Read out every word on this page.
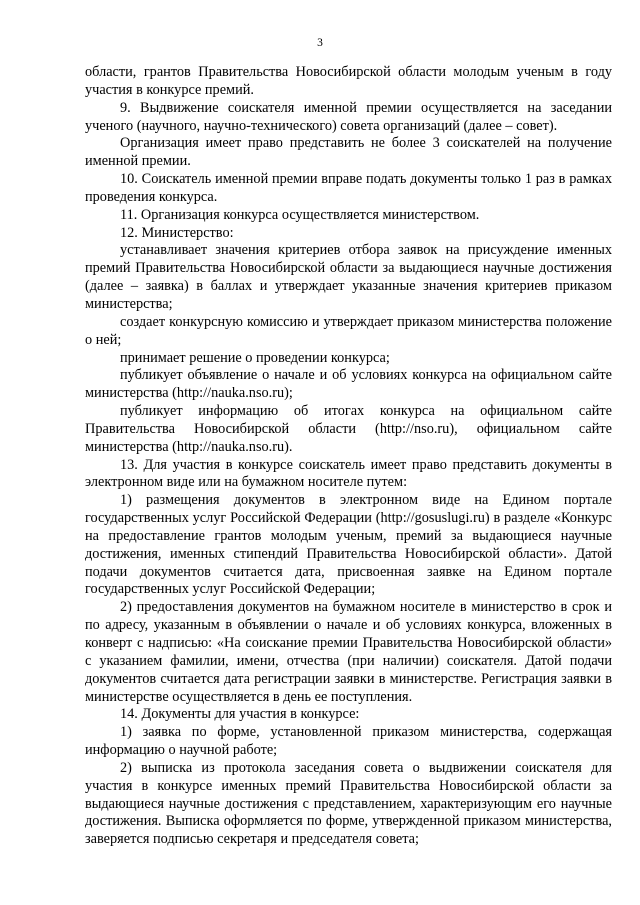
3

области, грантов Правительства Новосибирской области молодым ученым в году участия в конкурсе премий.

9. Выдвижение соискателя именной премии осуществляется на заседании ученого (научного, научно-технического) совета организаций (далее – совет).

Организация имеет право представить не более 3 соискателей на получение именной премии.

10. Соискатель именной премии вправе подать документы только 1 раз в рамках проведения конкурса.

11. Организация конкурса осуществляется министерством.

12. Министерство:

устанавливает значения критериев отбора заявок на присуждение именных премий Правительства Новосибирской области за выдающиеся научные достижения (далее – заявка) в баллах и утверждает указанные значения критериев приказом министерства;

создает конкурсную комиссию и утверждает приказом министерства положение о ней;

принимает решение о проведении конкурса;

публикует объявление о начале и об условиях конкурса на официальном сайте министерства (http://nauka.nso.ru);

публикует информацию об итогах конкурса на официальном сайте Правительства Новосибирской области (http://nso.ru), официальном сайте министерства (http://nauka.nso.ru).

13. Для участия в конкурсе соискатель имеет право представить документы в электронном виде или на бумажном носителе путем:

1) размещения документов в электронном виде на Едином портале государственных услуг Российской Федерации (http://gosuslugi.ru) в разделе «Конкурс на предоставление грантов молодым ученым, премий за выдающиеся научные достижения, именных стипендий Правительства Новосибирской области». Датой подачи документов считается дата, присвоенная заявке на Едином портале государственных услуг Российской Федерации;

2) предоставления документов на бумажном носителе в министерство в срок и по адресу, указанным в объявлении о начале и об условиях конкурса, вложенных в конверт с надписью: «На соискание премии Правительства Новосибирской области» с указанием фамилии, имени, отчества (при наличии) соискателя. Датой подачи документов считается дата регистрации заявки в министерстве. Регистрация заявки в министерстве осуществляется в день ее поступления.

14. Документы для участия в конкурсе:

1) заявка по форме, установленной приказом министерства, содержащая информацию о научной работе;

2) выписка из протокола заседания совета о выдвижении соискателя для участия в конкурсе именных премий Правительства Новосибирской области за выдающиеся научные достижения с представлением, характеризующим его научные достижения. Выписка оформляется по форме, утвержденной приказом министерства, заверяется подписью секретаря и председателя совета;
